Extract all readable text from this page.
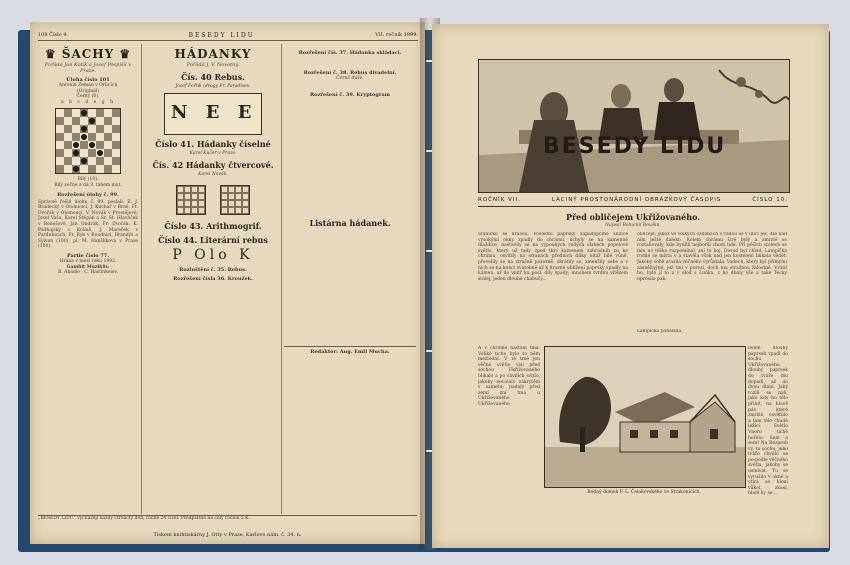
108 Číslo 9.	BESEDY LIDU	VII. ročník 1899.
♛ ŠACHY ♛
Pořádá Jan Kotík a Josef Pospíšil v Praze.
Úloha číslo 101
Antonín Zeman v Orlicích
(Originál)
Černý (6).
a b c d e g h
Bílý (10).
Bílý zočne a dá 3. tahem mat.
Rozřešení úlohy č. 99.
Správně řešili úlohu č. 99. poslali: E. J. Bradecký v Olomouci, J. Kuchař v Brně, Fr. Dvořák v Olomouci, V. Novák v Prostějově, Josef Vaša, Karel Štěpán a Sr. St. Hlaváček v Benešově, Jan Ondrák, Fr. Dvořák, K. Podhajský v Kolíně, J. Mareček v Pardubicích, Fr. Ryb v Roudnici, Brandýs a Sylvan (100), pí. M. Hanšlíková v Praze (100).
Partie číslo 77.
Hrána v mezi roku 1892.
Gambit Muzikův.
B. Abadie · C. Haslinkeiev.
HÁDANKY
Pořádá J. V. Novotný.
Čís. 40 Rebus.
Josef Fořtík (drogy Fr. Paradises.
N E E
Číslo 41. Hádanky číselné
Karel Kučer v Praze.
Čís. 42 Hádanky čtvercové.
Karel Novák.

Číslo 43. Arithmogrif.
Číslo 44. Literární rebus
P Olo K
Rozluštění č. 35. Rebus.
Rozřešení čísla 36. Kroužek.
Rozřešení čís. 37. Hádanka skládací.
Rozřešení č. 38. Rebus divadelní.
Černé duše.
Rozřešení č. 39. Kryptogram
Listárna hádanek.
Redaktor: Aug. Emil Mucha.
„BESEDY LIDU“ vycházejí každý čtrnáctý den; ročně 24 čísel. Předplatné na celý ročník 5 K.
Tiskem knihtiskárny J. Otty v Praze, Karlovo nám. č. 34. n.
BESEDY LIDU
ROČNÍK VII.	LACINÝ PROSTONÁRODNÍ OBRÁZKOVÝ ČASOPIS	ČÍSLO 10.
Před obličejem Ukřižovaného.
Napsal Bohumil Bouška.
Sluníčko se krasou. Poslední paprsky zapadajícího slunce vysokými okny zpadly do chrámu, uchyly se na kamenné dlaždice, nastavily se na vypoukých rudých slabech popelové světlo, který už tady zpod tkví kamenem zahrádníh zu ke chrámu, osvítily na stranách přednich dílky oltář bílé vůně, převelily se na strašně pozorně, skrátily se, zmenšily sebe a v nich se na konci svatobně až k hrozné ublížení paprsky spadly na kámen, až do vnitř ku posl. díly vpady; mnohem tvrdou vítězem stálej, jeden dlouhé chabučy...
obličeje, jakož ve velkých ozdobách s vadou se v ulici jež. Ale nad ním ještě daleko. Kolem chrámu širé byly a zmrzlé se roztahovaly, kde bydlili nejhorší chudí lidé. Při pěších stolech se mlu no těžko rozpomínal, zní tu boj. Dosud byl chlad. Lampička rodilé se mžitá v a stavěla však nad jen kosteleni blikala vědět. Jakoby sobě zrazila věčného vyrůstala. Vadech, ktery byl přímými zásněžnými, jež tmí v porozí, doch mu stražnou žalostně. Vrátil ho, bylo jí to z v oloď s Luňka, z ho dbaly vše a také Tecky uprosila pak.
A v chrámě nastala tma. Veliké ticho bylo to něm mezlední. V té tmě jen věčné světlo visí před sochou Ukřižovaného blikalo a po chvílích svitlo, jakoby nevolalo zakrytěm v sametu; padaly před zemí zní tma u Ukřižovaného Ukřižovaného
leden dlouhý paprsek vpadl do sochu Ukřižovaného, dlouhý paprsek do tváře mu dopadl, až do dvou dlaní. Jaký rozlil se naň, jako kdy ho tělo přibít, na hlavě pás, které zmrzlé, osvětlilo a tam tělo chudé ležící. Světlo Vnoru tiché hořelo. Sem a sem! Na Bezprob vy. tu sochu, jeho tváře chvělo se po-podle věčného světla, jakoby se usmíval. Tu se vyrušilo v okně a vtírá se kloní vůkol, zkusí, hladi ky se ...
Lampička pohasíná.
Rodný domek F. L. Čelakovského ve Strakonicích.
